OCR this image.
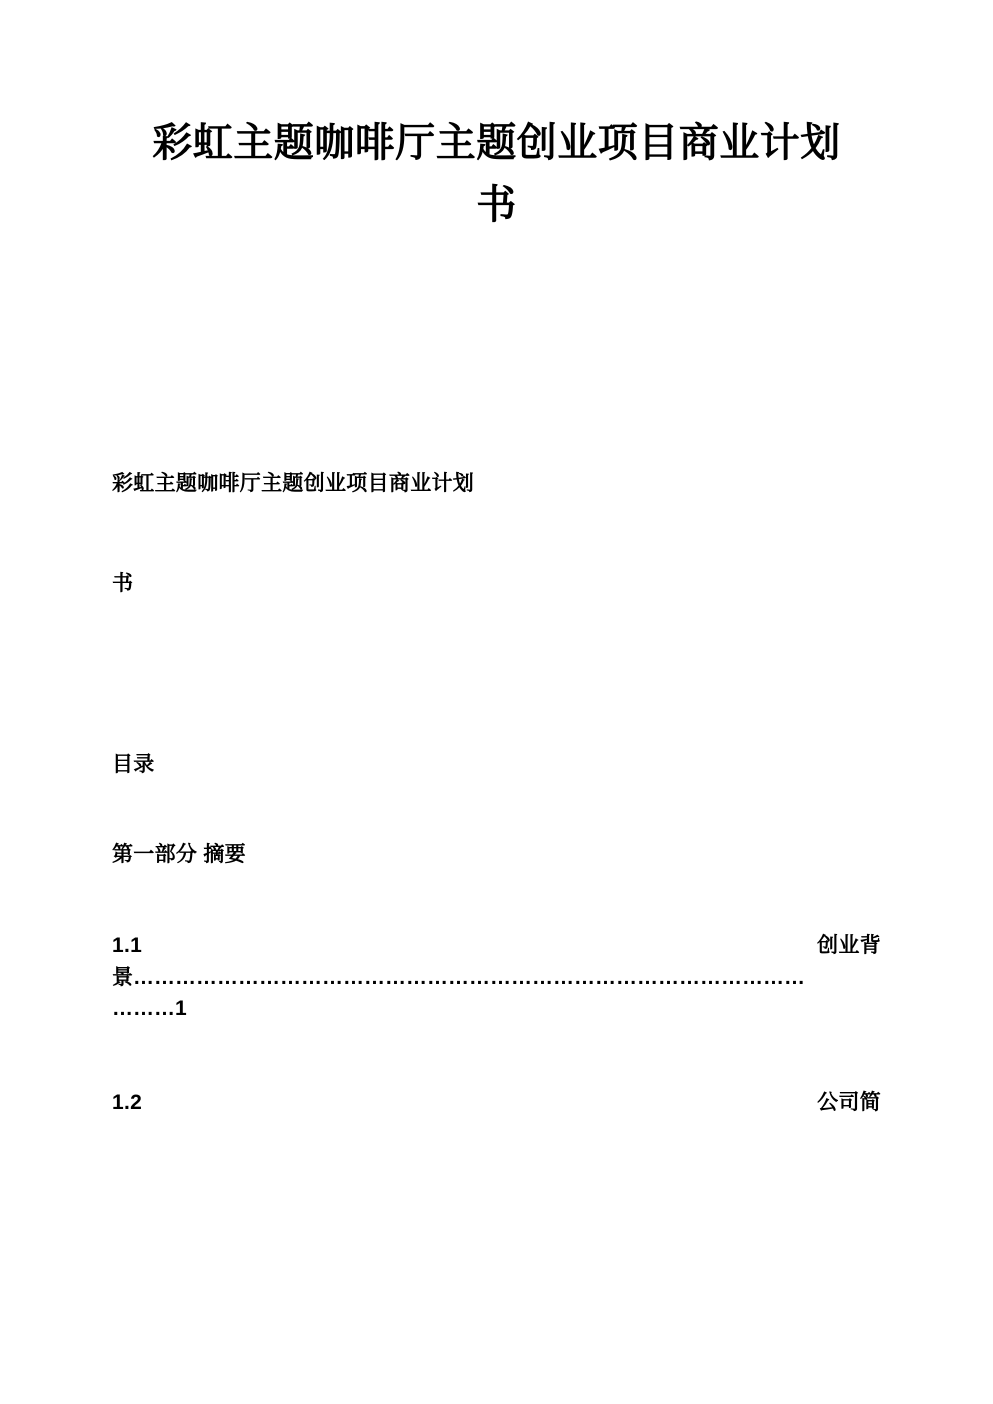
彩虹主题咖啡厅主题创业项目商业计划
书
彩虹主题咖啡厅主题创业项目商业计划
书
目录
第一部分 摘要
1.1	创业背
景……………………………………………………………………………………
………1
1.2	公司简
